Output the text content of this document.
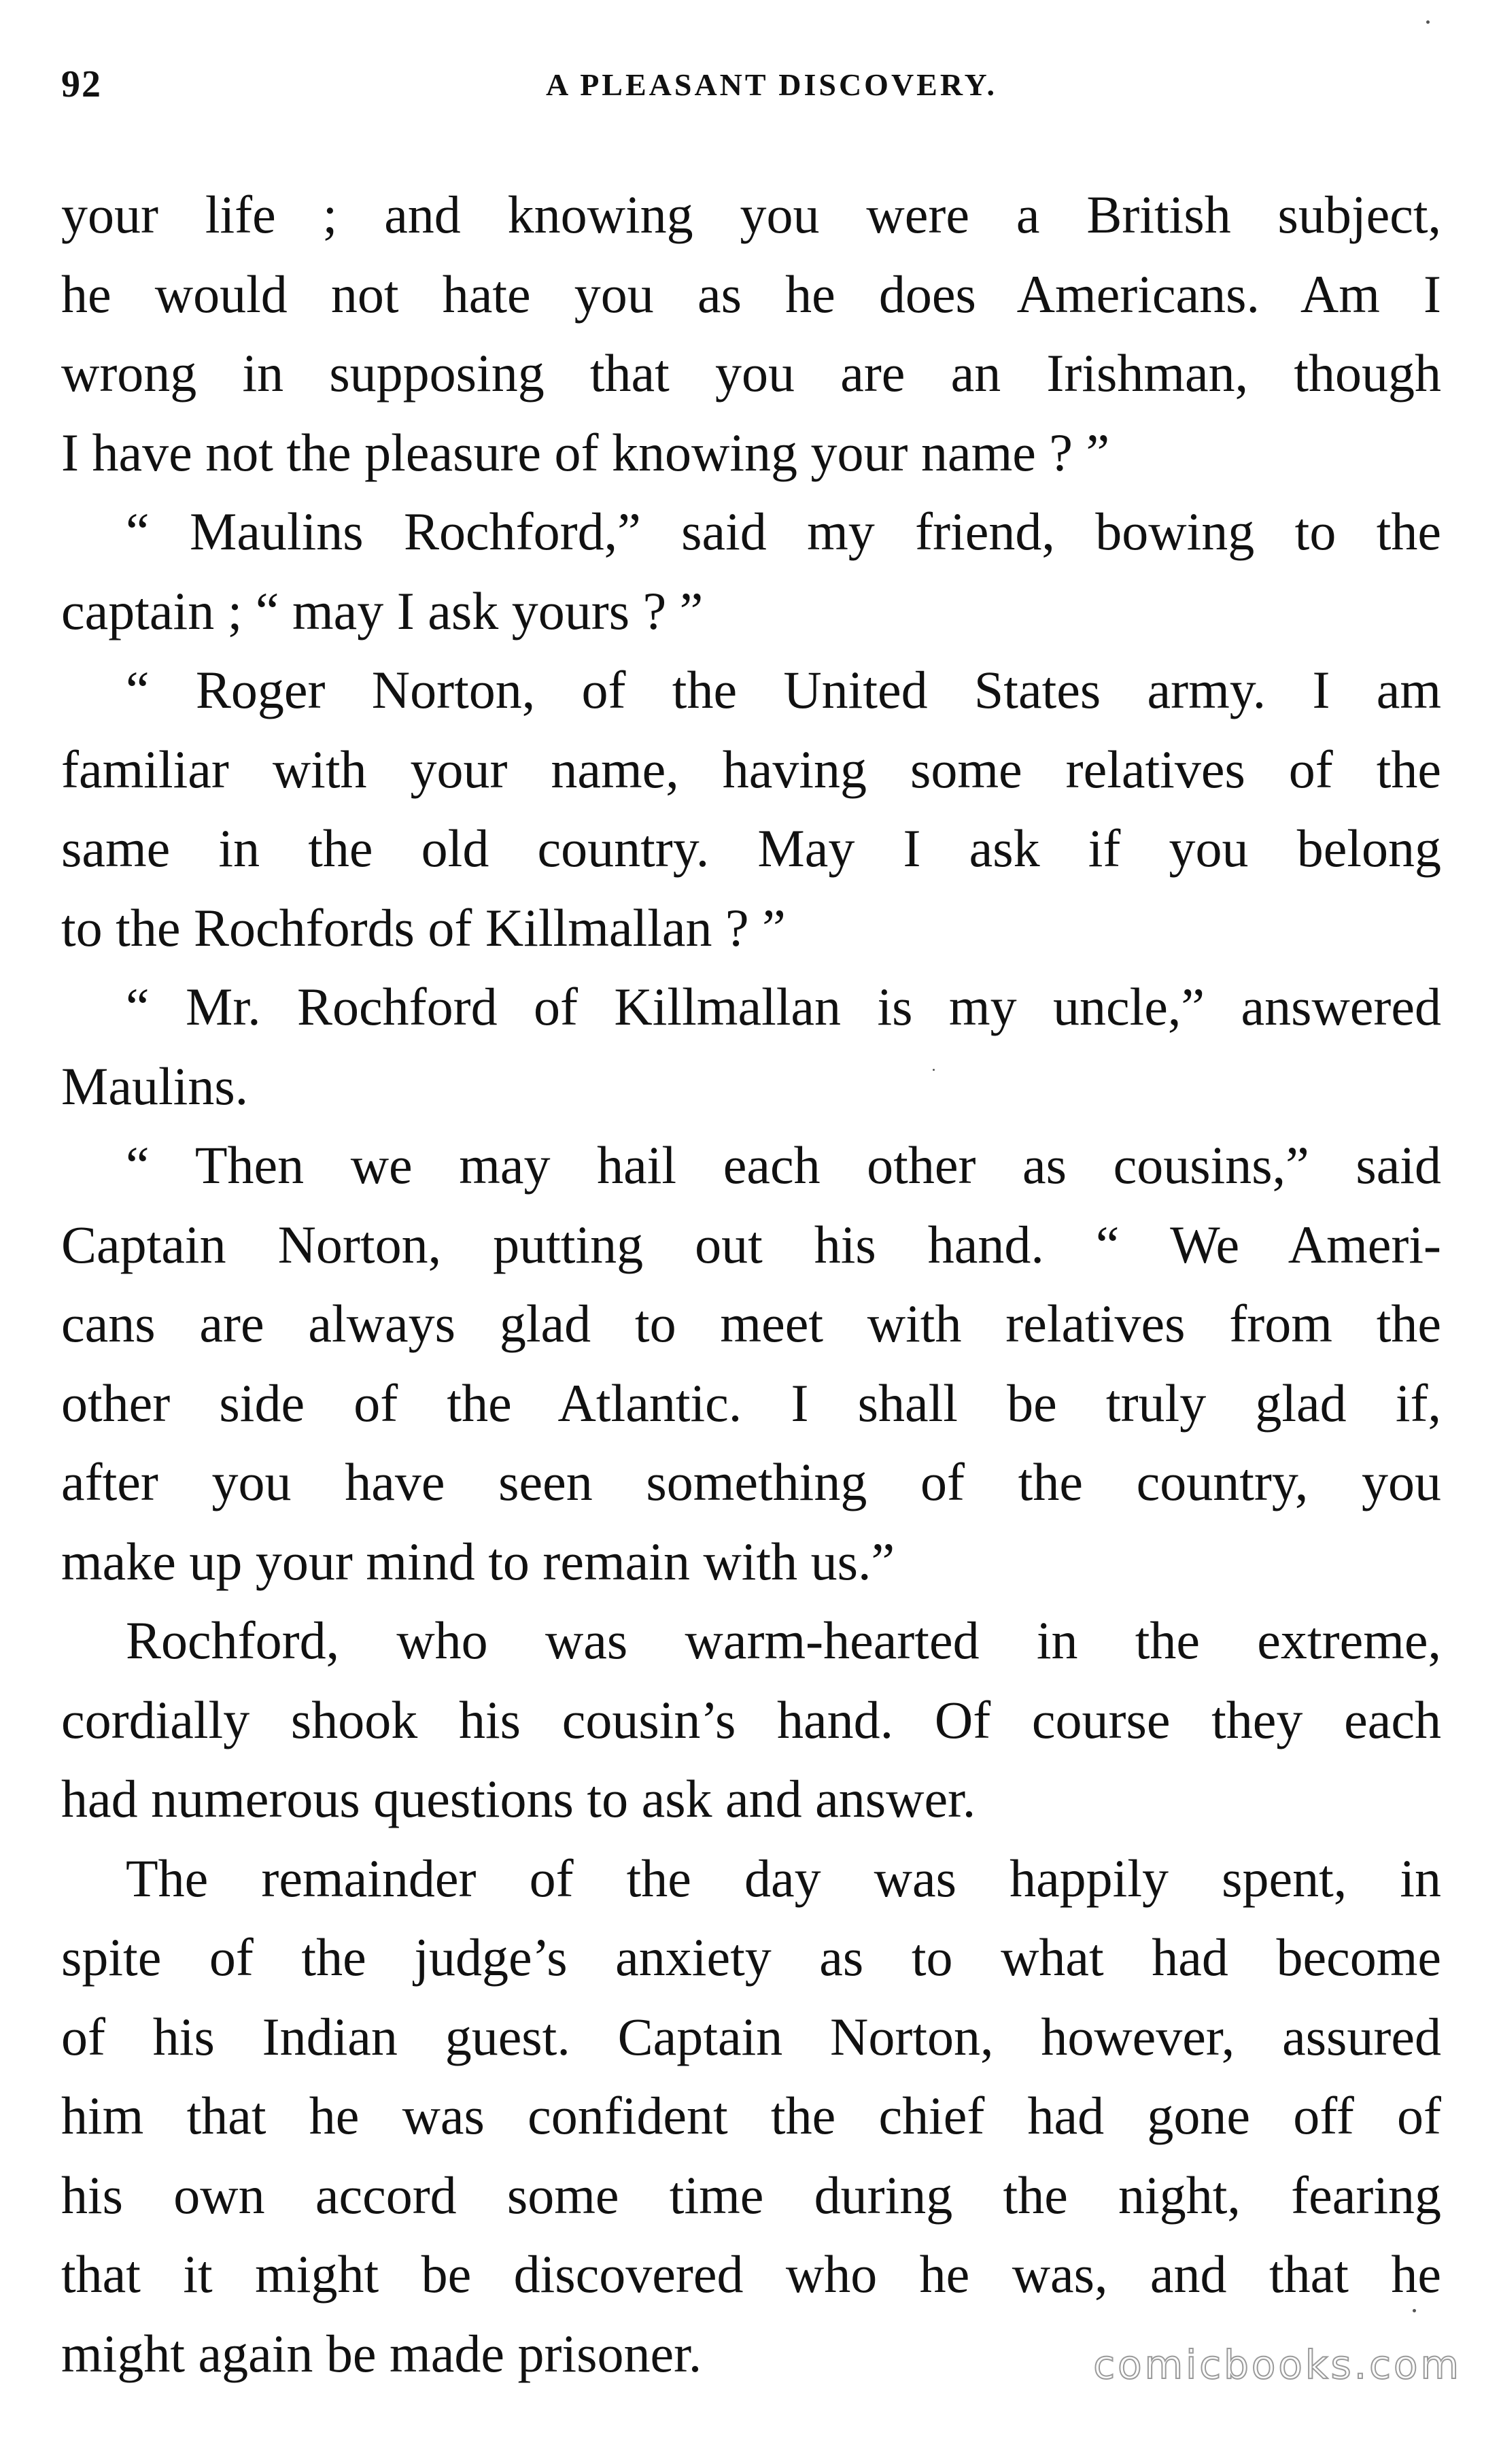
92	A PLEASANT DISCOVERY.
your life ; and knowing you were a British subject,
he would not hate you as he does Americans. Am I
wrong in supposing that you are an Irishman, though
I have not the pleasure of knowing your name ? ”
“ Maulins Rochford,” said my friend, bowing to the
captain ; “ may I ask yours ? ”
“ Roger Norton, of the United States army. I am
familiar with your name, having some relatives of the
same in the old country. May I ask if you belong
to the Rochfords of Killmallan ? ”
“ Mr. Rochford of Killmallan is my uncle,” answered
Maulins.
“ Then we may hail each other as cousins,” said
Captain Norton, putting out his hand. “ We Ameri-
cans are always glad to meet with relatives from the
other side of the Atlantic. I shall be truly glad if,
after you have seen something of the country, you
make up your mind to remain with us.”
Rochford, who was warm-hearted in the extreme,
cordially shook his cousin’s hand. Of course they each
had numerous questions to ask and answer.
The remainder of the day was happily spent, in
spite of the judge’s anxiety as to what had become
of his Indian guest. Captain Norton, however, assured
him that he was confident the chief had gone off of
his own accord some time during the night, fearing
that it might be discovered who he was, and that he
might again be made prisoner.	comicbooks.com
